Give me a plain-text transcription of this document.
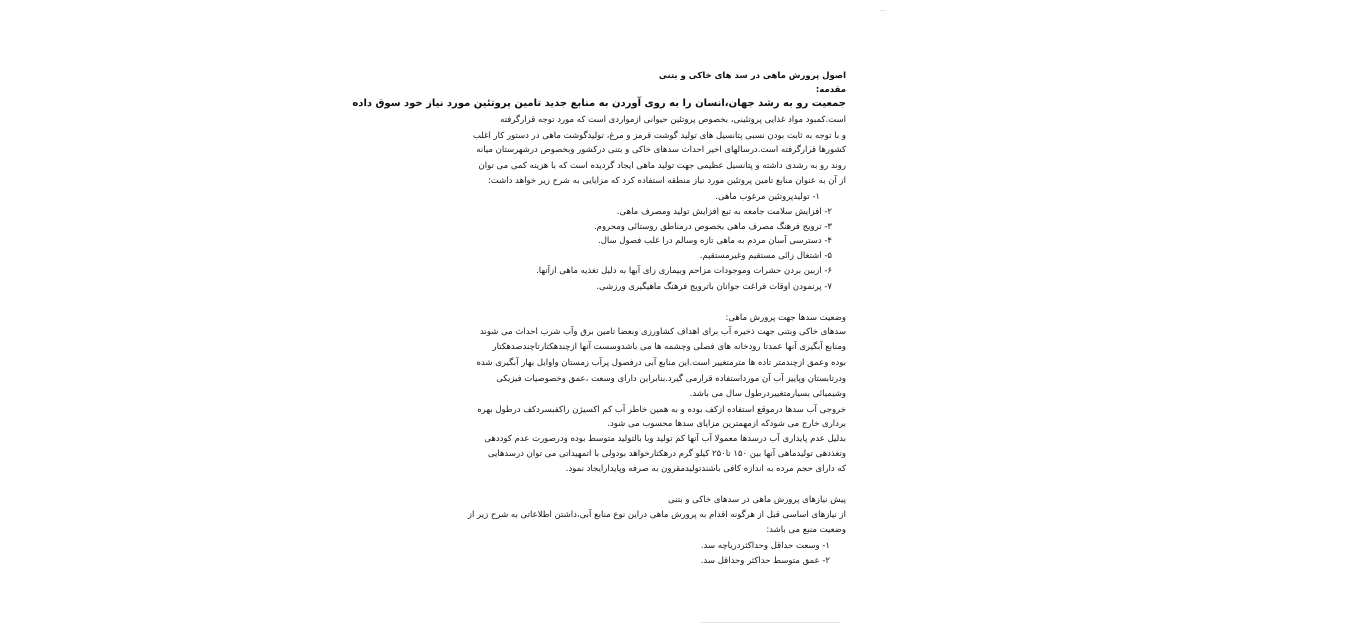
اصول پرورش ماهی در سد های خاکی و بتنی
مقدمه:
جمعیت رو به رشد جهان،انسان را به روی آوردن به منابع جدید تامین پروتئین مورد نیاز خود سوق داده
است.کمبود مواد غذایی پروتئینی، بخصوص پروتئین حیوانی ازمواردی است که مورد توجه قرارگرفته
و با توجه به ثابت بودن نسبی پتانسیل های تولید گوشت قرمز و مرغ، تولیدگوشت ماهی در دستور کار اغلب
کشورها قرارگرفته است.درسالهای اخیر احداث سدهای خاکی و بتنی درکشور وبخصوص درشهرستان میانه
روند رو به رشدی داشته و پتانسیل عظیمی جهت تولید ماهی ایجاد گردیده است که با هزینه کمی می توان
از آن به عنوان منابع تامین پروتئین مورد نیاز منطقه استفاده کرد که مزایایی به شرح زیر خواهد داشت:
۱- تولیدپروتئین مرغوب ماهی.
۲- افزایش سلامت جامعه به تبع افزایش تولید ومصرف ماهی.
۳- ترویج فرهنگ مصرف ماهی بخصوص درمناطق روستائی ومحروم.
۴- دسترسی آسان مردم به ماهی تازه وسالم درا غلب فصول سال.
۵- اشتغال زائی مستقیم وغیرمستقیم.
۶- ازبین بردن حشرات وموجودات مزاحم وبیماری زای آبها به دلیل تغذیه ماهی ازآنها.
۷- پرنمودن اوقات فراغت جوانان باترویج فرهنگ ماهیگیری ورزشی.
وضعیت سدها جهت پرورش ماهی:
سدهای خاکی وبتنی جهت ذخیره آب برای اهداف کشاورزی وبعضا تامین برق وآب شرب احداث می شوند
ومنابع آبگیری آنها عمدتا رودخانه های فصلی وچشمه ها می باشدوسست آنها ازچندهکتارتاچندصدهکتار
بوده وعمق ازچندمتر تاده ها مترمتغییر است.این منابع آبی درفصول پرآب زمستان واوایل بهار آبگیری شده
ودرتابستان وپاییز آب آن مورداستفاده قرارمی گیرد.بنابراین دارای وسعت ،عمق وخصوصیات فیزیکی
وشیمیائی بسیارمتغییردرطول سال می باشد.
خروجی آب سدها درموقع استفاده ازکف بوده و به همین خاطر آب کم اکسیژن راکفبسردکف درطول بهره
برداری خارج می شودکه ازمهمترین مزایای سدها محسوب می شود.
بدلیل عدم پایداری آب درسدها معمولا آب آنها کم تولید وبا بالتولید متوسط بوده ودرصورت عدم کوددهی
وتغذدهی تولیدماهی آنها بین ۱۵۰ تا۲۵۰ کیلو گرم درهکتارخواهد بودولی با اتمهیداتی می توان درسدهایی
که دارای حجم مرده به اندازه کافی باشندتولیدمقرون به صرفه وپایدارایجاد نمود.
پیش نیازهای پرورش ماهی در سدهای خاکی و بتنی
از نیازهای اساسی قبل از هرگونه اقدام به پرورش ماهی دراین نوع منابع آبی،داشتن اطلاعاتی به شرح زیر از
وضعیت منبع می باشد:
۱- وسعت حداقل وحداکثردریاچه سد.
۲- عمق متوسط حداکثر وحداقل سد.
